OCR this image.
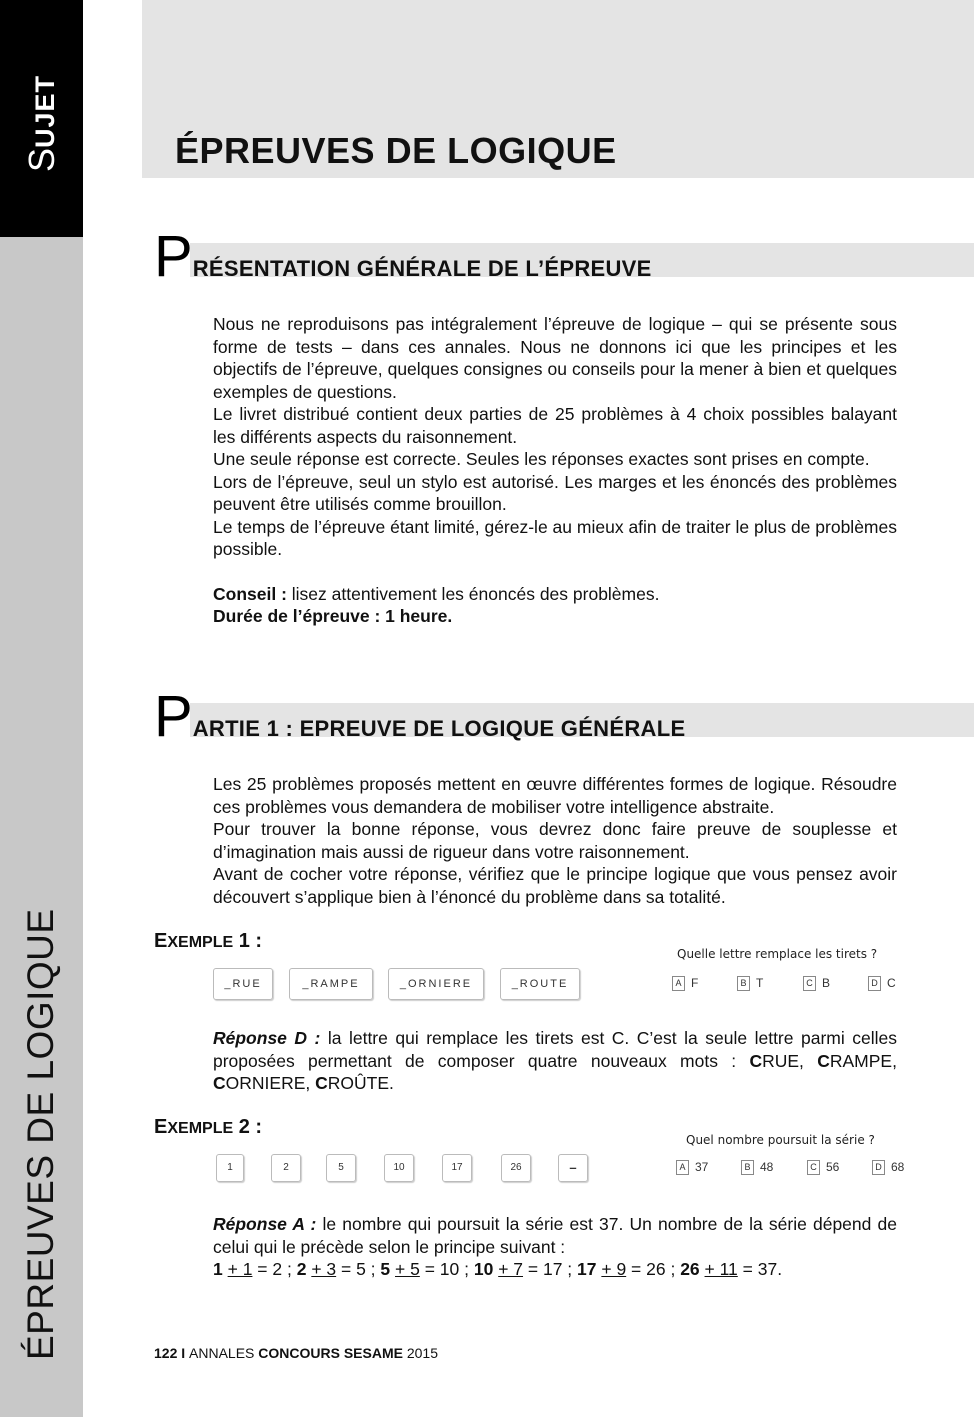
SUJET
ÉPREUVES DE LOGIQUE
ÉPREUVES DE LOGIQUE
PRÉSENTATION GÉNÉRALE DE L’ÉPREUVE

Nous ne reproduisons pas intégralement l’épreuve de logique – qui se présente sous forme de tests – dans ces annales. Nous ne donnons ici que les principes et les objectifs de l’épreuve, quelques consignes ou conseils pour la mener à bien et quelques exemples de questions.

Le livret distribué contient deux parties de 25 problèmes à 4 choix possibles balayant les différents aspects du raisonnement.

Une seule réponse est correcte. Seules les réponses exactes sont prises en compte.

Lors de l’épreuve, seul un stylo est autorisé. Les marges et les énoncés des problèmes peuvent être utilisés comme brouillon.

Le temps de l’épreuve étant limité, gérez-le au mieux afin de traiter le plus de problèmes possible.

Conseil : lisez attentivement les énoncés des problèmes.

Durée de l’épreuve : 1 heure.

PARTIE 1 : EPREUVE DE LOGIQUE GÉNÉRALE

Les 25 problèmes proposés mettent en œuvre différentes formes de logique. Résoudre ces problèmes vous demandera de mobiliser votre intelligence abstraite.

Pour trouver la bonne réponse, vous devrez donc faire preuve de souplesse et d’imagination mais aussi de rigueur dans votre raisonnement.

Avant de cocher votre réponse, vérifiez que le principe logique que vous pensez avoir découvert s’applique bien à l’énoncé du problème dans sa totalité.

EXEMPLE 1 :
Quelle lettre remplace les tirets ?
_RUE	_RAMPE	_ORNIERE	_ROUTE	A F	B T	C B	D C

Réponse D : la lettre qui remplace les tirets est C. C’est la seule lettre parmi celles proposées permettant de composer quatre nouveaux mots : CRUE, CRAMPE, CORNIERE, CROÛTE.

EXEMPLE 2 :
Quel nombre poursuit la série ?
1	2	5	10	17	26	–	A 37	B 48	C 56	D 68

Réponse A : le nombre qui poursuit la série est 37. Un nombre de la série dépend de celui qui le précède selon le principe suivant :

1 + 1 = 2 ; 2 + 3 = 5 ; 5 + 5 = 10 ; 10 + 7 = 17 ; 17 + 9 = 26 ; 26 + 11 = 37.

122 I ANNALES CONCOURS SESAME 2015
